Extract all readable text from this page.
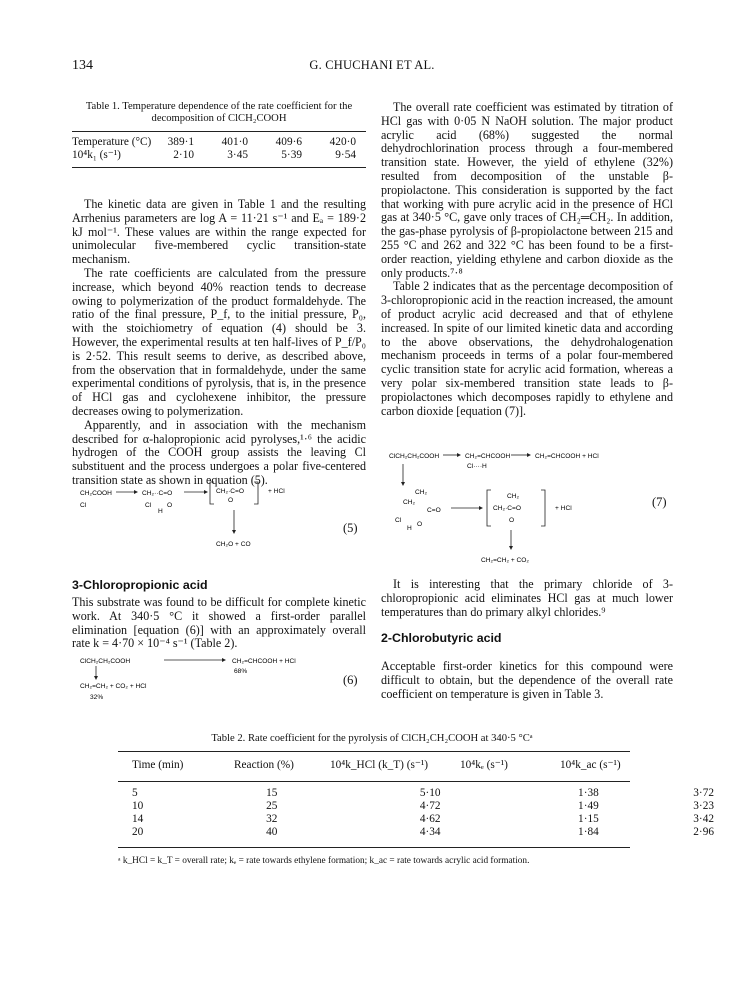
134	G. CHUCHANI ET AL.
Table 1. Temperature dependence of the rate coefficient for the decomposition of ClCH₂COOH
Temperature (°C)	389·1	401·0	409·6	420·0
10⁴k₁ (s⁻¹)	2·10	3·45	5·39	9·54

The kinetic data are given in Table 1 and the resulting Arrhenius parameters are log A = 11·21 s⁻¹ and Eₐ = 189·2 kJ mol⁻¹. These values are within the range expected for unimolecular five-membered cyclic transition-state mechanism.

The rate coefficients are calculated from the pressure increase, which beyond 40% reaction tends to decrease owing to polymerization of the product formaldehyde. The ratio of the final pressure, P_f, to the initial pressure, P₀, with the stoichiometry of equation (4) should be 3. However, the experimental results at ten half-lives of P_f/P₀ is 2·52. This result seems to derive, as described above, from the observation that in formaldehyde, under the same experimental conditions of pyrolysis, that is, in the presence of HCl gas and cyclohexene inhibitor, the pressure decreases owing to polymerization.

Apparently, and in association with the mechanism described for α-halopropionic acid pyrolyses,¹·⁶ the acidic hydrogen of the COOH group assists the leaving Cl substituent and the process undergoes a polar five-centered transition state as shown in equation (5).

CH₂COOH
Cl
CH₂··C=O
Cl O
H
CH₂·C=O
O
+ HCl
CH₂O + CO
(5)
3-Chloropropionic acid

This substrate was found to be difficult for complete kinetic work. At 340·5 °C it showed a first-order parallel elimination [equation (6)] with an approximately overall rate k = 4·70 × 10⁻⁴ s⁻¹ (Table 2).

ClCH₂CH₂COOH	CH₂=CHCOOH + HCl
68%
CH₂=CH₂ + CO₂ + HCl
32%
(6)

The overall rate coefficient was estimated by titration of HCl gas with 0·05 N NaOH solution. The major product acrylic acid (68%) suggested the normal dehydrochlorination process through a four-membered transition state. However, the yield of ethylene (32%) resulted from decomposition of the unstable β-propiolactone. This consideration is supported by the fact that working with pure acrylic acid in the presence of HCl gas at 340·5 °C, gave only traces of CH₂═CH₂. In addition, the gas-phase pyrolysis of β-propiolactone between 215 and 255 °C and 262 and 322 °C has been found to be a first-order reaction, yielding ethylene and carbon dioxide as the only products.⁷·⁸

Table 2 indicates that as the percentage decomposition of 3-chloropropionic acid in the reaction increased, the amount of product acrylic acid decreased and that of ethylene increased. In spite of our limited kinetic data and according to the above observations, the dehydrohalogenation mechanism proceeds in terms of a polar four-membered cyclic transition state for acrylic acid formation, whereas a very polar six-membered transition state leads to β-propiolactones which decomposes rapidly to ethylene and carbon dioxide [equation (7)].

ClCH₂CH₂COOH	CH₂=CHCOOH
Cl····H
CH₂=CHCOOH + HCl
CH₂
CH₂
C=O
O
Cl
H
CH₂
CH₂·C=O
O
+ HCl
CH₂=CH₂ + CO₂
(7)

It is interesting that the primary chloride of 3-chloropropionic acid eliminates HCl gas at much lower temperatures than do primary alkyl chlorides.⁹

2-Chlorobutyric acid

Acceptable first-order kinetics for this compound were difficult to obtain, but the dependence of the overall rate coefficient on temperature is given in Table 3.

Table 2. Rate coefficient for the pyrolysis of ClCH₂CH₂COOH at 340·5 °Cᵃ
Time (min)	Reaction (%)	10⁴k_HCl (k_T) (s⁻¹)	10⁴kₑ (s⁻¹)	10⁴k_ac (s⁻¹)
5	15	5·10	1·38	3·72
10	25	4·72	1·49	3·23
14	32	4·62	1·15	3·42
20	40	4·34	1·84	2·96
ᵃ k_HCl = k_T = overall rate; kₑ = rate towards ethylene formation; k_ac = rate towards acrylic acid formation.
